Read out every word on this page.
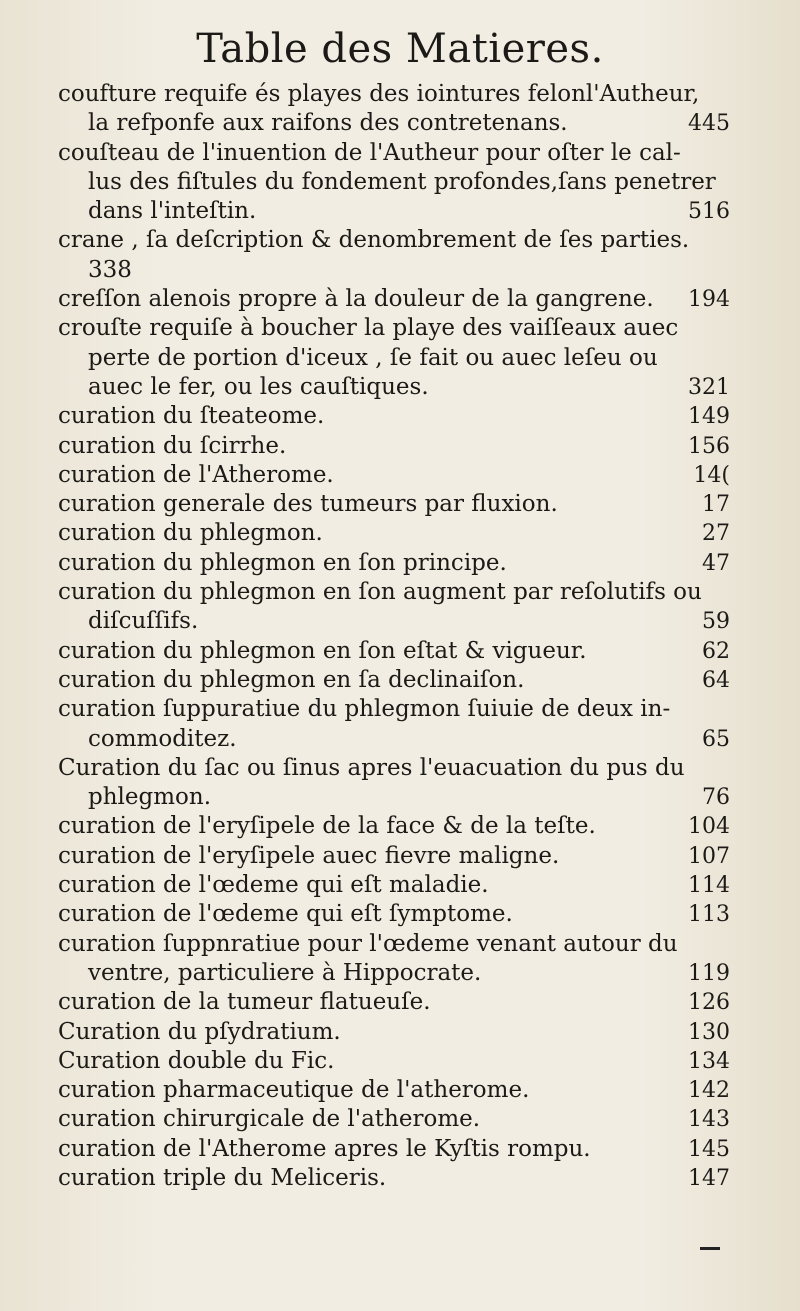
Table des Matieres.
coufture requife és playes des iointures felonl'Autheur,
la refponfe aux raifons des contretenans.	445
couſteau de l'inuention de l'Autheur pour oſter le cal-
lus des fiſtules du fondement profondes,ſans penetrer
dans l'inteſtin.	516
crane , ſa deſcription & denombrement de ſes parties.
338
creſſon alenois propre à la douleur de la gangrene. 194
crouſte requiſe à boucher la playe des vaiſſeaux auec
perte de portion d'iceux , ſe fait ou auec leſeu ou
auec le fer, ou les cauſtiques.	321
curation du ſteateome.	149
curation du ſcirrhe.	156
curation de l'Atherome.	14(
curation generale des tumeurs par fluxion.	17
curation du phlegmon.	27
curation du phlegmon en ſon principe.	47
curation du phlegmon en ſon augment par reſolutifs ou
diſcuſſifs.	59
curation du phlegmon en ſon eſtat & vigueur.	62
curation du phlegmon en ſa declinaiſon.	64
curation ſuppuratiue du phlegmon ſuiuie de deux in-
commoditez.	65
Curation du ſac ou ſinus apres l'euacuation du pus du
phlegmon.	76
curation de l'eryſipele de la face & de la teſte.	104
curation de l'eryſipele auec fievre maligne.	107
curation de l'œdeme qui eſt maladie.	114
curation de l'œdeme qui eſt ſymptome.	113
curation ſuppnratiue pour l'œdeme venant autour du
ventre, particuliere à Hippocrate.	119
curation de la tumeur flatueuſe.	126
Curation du pſydratium.	130
Curation double du Fic.	134
curation pharmaceutique de l'atherome.	142
curation chirurgicale de l'atherome.	143
curation de l'Atherome apres le Kyſtis rompu.	145
curation triple du Meliceris.	147
